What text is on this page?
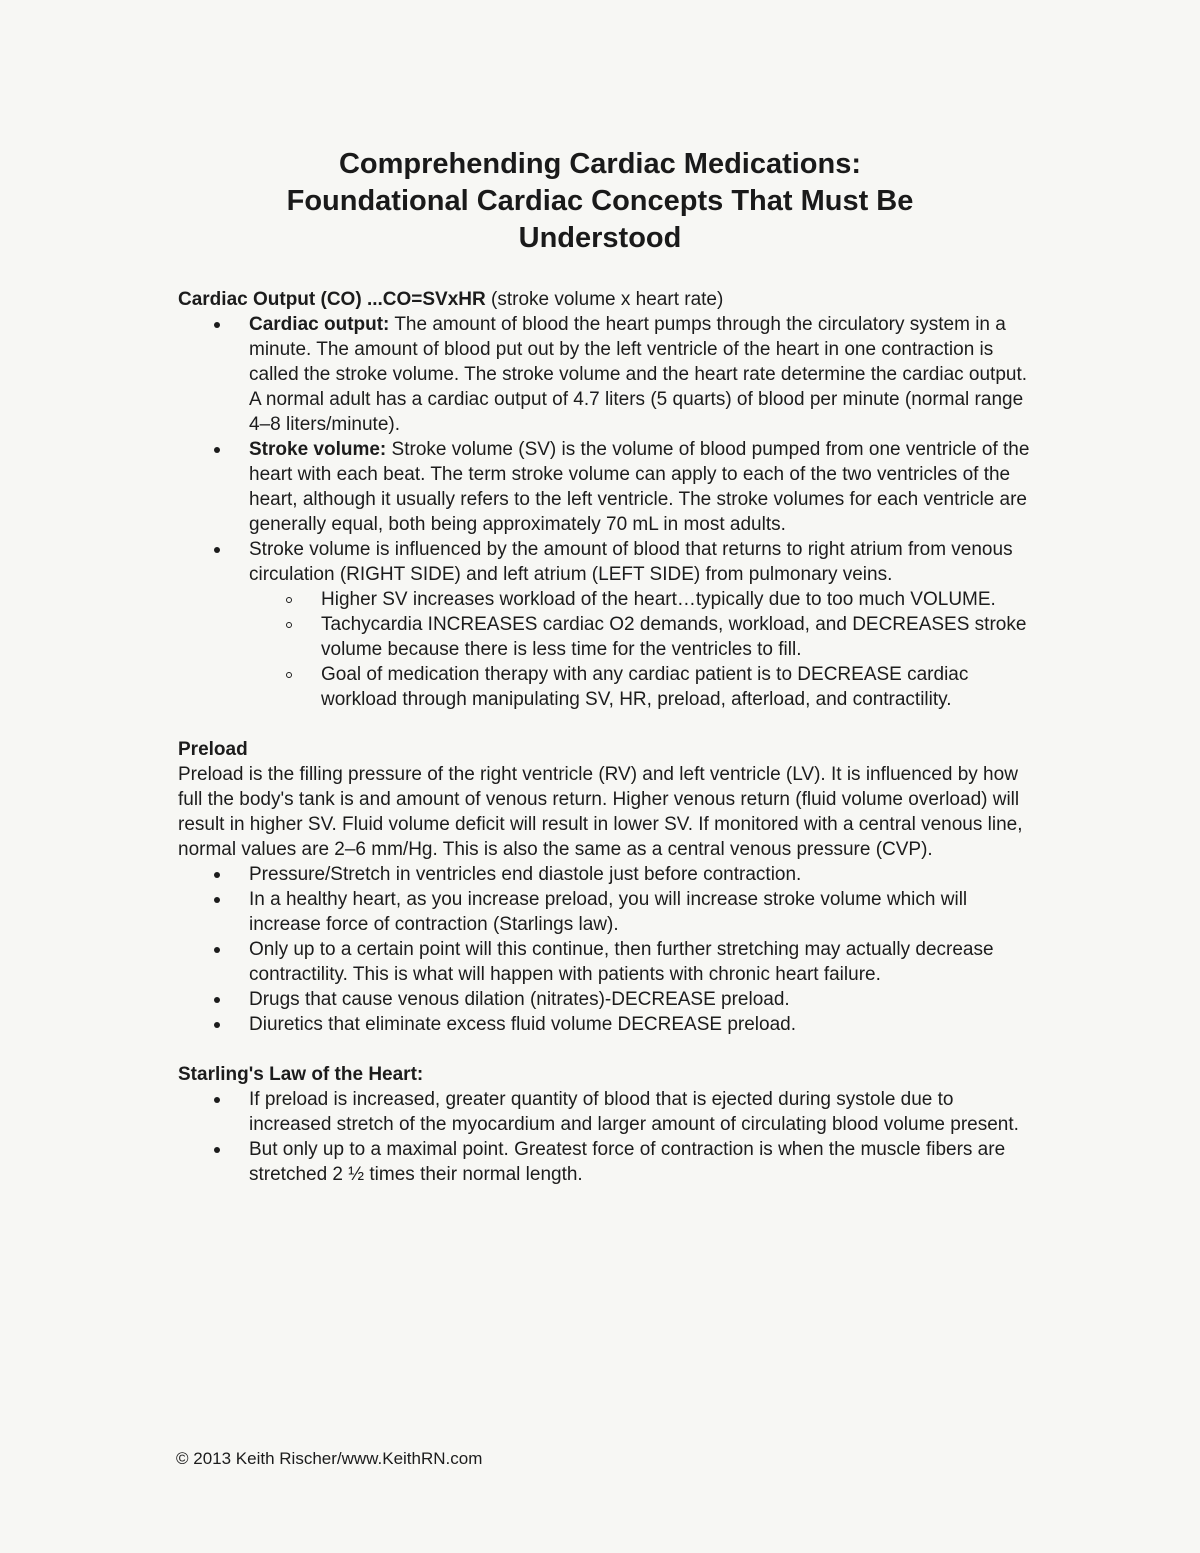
Comprehending Cardiac Medications:
Foundational Cardiac Concepts That Must Be
Understood

Cardiac Output (CO) ...CO=SVxHR (stroke volume x heart rate)

Cardiac output: The amount of blood the heart pumps through the circulatory system in a minute. The amount of blood put out by the left ventricle of the heart in one contraction is called the stroke volume. The stroke volume and the heart rate determine the cardiac output. A normal adult has a cardiac output of 4.7 liters (5 quarts) of blood per minute (normal range 4–8 liters/minute).
Stroke volume: Stroke volume (SV) is the volume of blood pumped from one ventricle of the heart with each beat. The term stroke volume can apply to each of the two ventricles of the heart, although it usually refers to the left ventricle. The stroke volumes for each ventricle are generally equal, both being approximately 70 mL in most adults.
Stroke volume is influenced by the amount of blood that returns to right atrium from venous circulation (RIGHT SIDE) and left atrium (LEFT SIDE) from pulmonary veins.
Higher SV increases workload of the heart…typically due to too much VOLUME.
Tachycardia INCREASES cardiac O2 demands, workload, and DECREASES stroke volume because there is less time for the ventricles to fill.
Goal of medication therapy with any cardiac patient is to DECREASE cardiac workload through manipulating SV, HR, preload, afterload, and contractility.

Preload

Preload is the filling pressure of the right ventricle (RV) and left ventricle (LV). It is influenced by how full the body's tank is and amount of venous return. Higher venous return (fluid volume overload) will result in higher SV. Fluid volume deficit will result in lower SV. If monitored with a central venous line, normal values are 2–6 mm/Hg. This is also the same as a central venous pressure (CVP).

Pressure/Stretch in ventricles end diastole just before contraction.
In a healthy heart, as you increase preload, you will increase stroke volume which will increase force of contraction (Starlings law).
Only up to a certain point will this continue, then further stretching may actually decrease contractility. This is what will happen with patients with chronic heart failure.
Drugs that cause venous dilation (nitrates)-DECREASE preload.
Diuretics that eliminate excess fluid volume DECREASE preload.

Starling's Law of the Heart:

If preload is increased, greater quantity of blood that is ejected during systole due to increased stretch of the myocardium and larger amount of circulating blood volume present.
But only up to a maximal point. Greatest force of contraction is when the muscle fibers are stretched 2 ½ times their normal length.
© 2013 Keith Rischer/www.KeithRN.com
